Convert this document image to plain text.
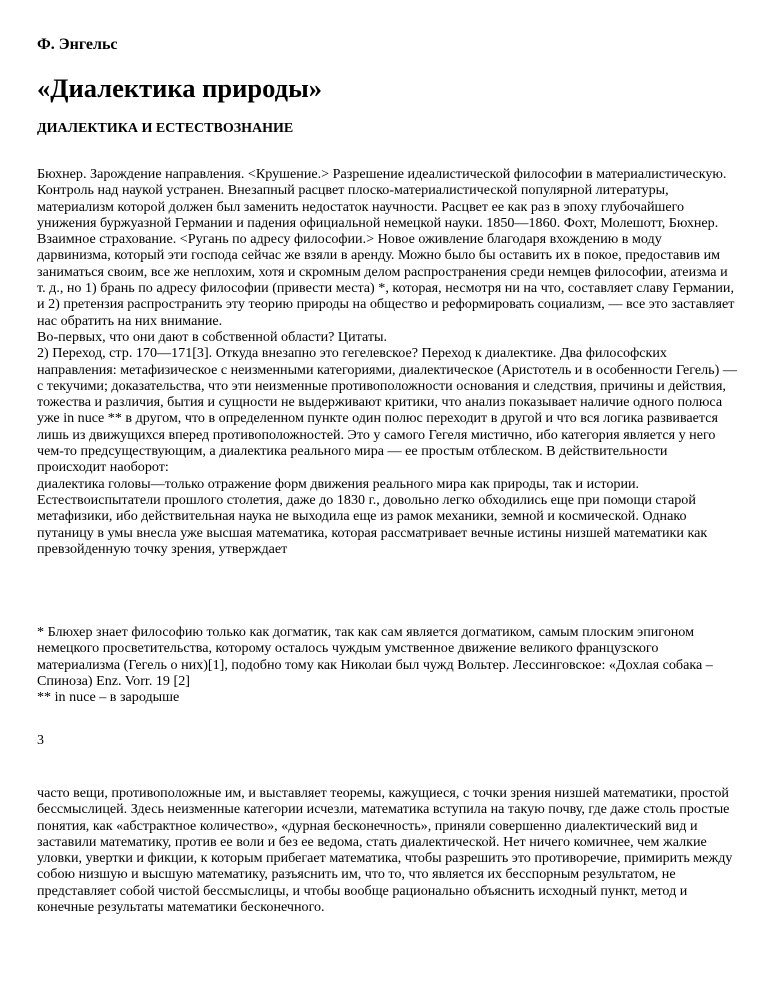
Ф. Энгельс
«Диалектика природы»
ДИАЛЕКТИКА И ЕСТЕСТВОЗНАНИЕ

Бюхнер. Зарождение направления. <Крушение.> Разрешение идеалистической философии в материалистическую. Контроль над наукой устранен. Внезапный расцвет плоско-материалистической популярной литературы, материализм которой должен был заменить недостаток научности. Расцвет ее как раз в эпоху глубочайшего унижения буржуазной Германии и падения официальной немецкой науки. 1850—1860. Фохт, Молешотт, Бюхнер. Взаимное страхование. <Ругань по адресу философии.> Новое оживление благодаря вхождению в моду дарвинизма, который эти господа сейчас же взяли в аренду. Можно было бы оставить их в покое, предоставив им заниматься своим, все же неплохим, хотя и скромным делом распространения среди немцев философии, атеизма и т. д., но 1) брань по адресу философии (привести места) *, которая, несмотря ни на что, составляет славу Германии, и 2) претензия распространить эту теорию природы на общество и реформировать социализм, — все это заставляет нас обратить на них внимание.

Во-первых, что они дают в собственной области? Цитаты.

2) Переход, стр. 170—171[3]. Откуда внезапно это гегелевское? Переход к диалектике. Два философских направления: метафизическое с неизменными категориями, диалектическое (Аристотель и в особенности Гегель) — с текучими; доказательства, что эти неизменные противоположности основания и следствия, причины и действия, тожества и различия, бытия и сущности не выдерживают критики, что анализ показывает наличие одного полюса уже in nuce ** в другом, что в определенном пункте один полюс переходит в другой и что вся логика развивается лишь из движущихся вперед противоположностей. Это у самого Гегеля мистично, ибо категория является у него чем-то предсуществующим, а диалектика реального мира — ее простым отблеском. В действительности происходит наоборот:

диалектика головы—только отражение форм движения реального мира как природы, так и истории. Естествоиспытатели прошлого столетия, даже до 1830 г., довольно легко обходились еще при помощи старой метафизики, ибо действительная наука не выходила еще из рамок механики, земной и космической. Однако путаницу в умы внесла уже высшая математика, которая рассматривает вечные истины низшей математики как превзойденную точку зрения, утверждает

* Блюхер знает философию только как догматик, так как сам является догматиком, самым плоским эпигоном немецкого просветительства, которому осталось чуждым умственное движение великого французского материализма (Гегель о них)[1], подобно тому как Николаи был чужд Вольтер. Лессинговское: «Дохлая собака – Спиноза) Enz. Vorr. 19 [2]

** in nuce – в зародыше

3

часто вещи, противоположные им, и выставляет теоремы, кажущиеся, с точки зрения низшей математики, простой бессмыслицей. Здесь неизменные категории исчезли, математика вступила на такую почву, где даже столь простые понятия, как «абстрактное количество», «дурная бесконечность», приняли совершенно диалектический вид и заставили математику, против ее воли и без ее ведома, стать диалектической. Нет ничего комичнее, чем жалкие уловки, увертки и фикции, к которым прибегает математика, чтобы разрешить это противоречие, примирить между собою низшую и высшую математику, разъяснить им, что то, что является их бесспорным результатом, не представляет собой чистой бессмыслицы, и чтобы вообще рационально объяснить исходный пункт, метод и конечные результаты математики бесконечного.
